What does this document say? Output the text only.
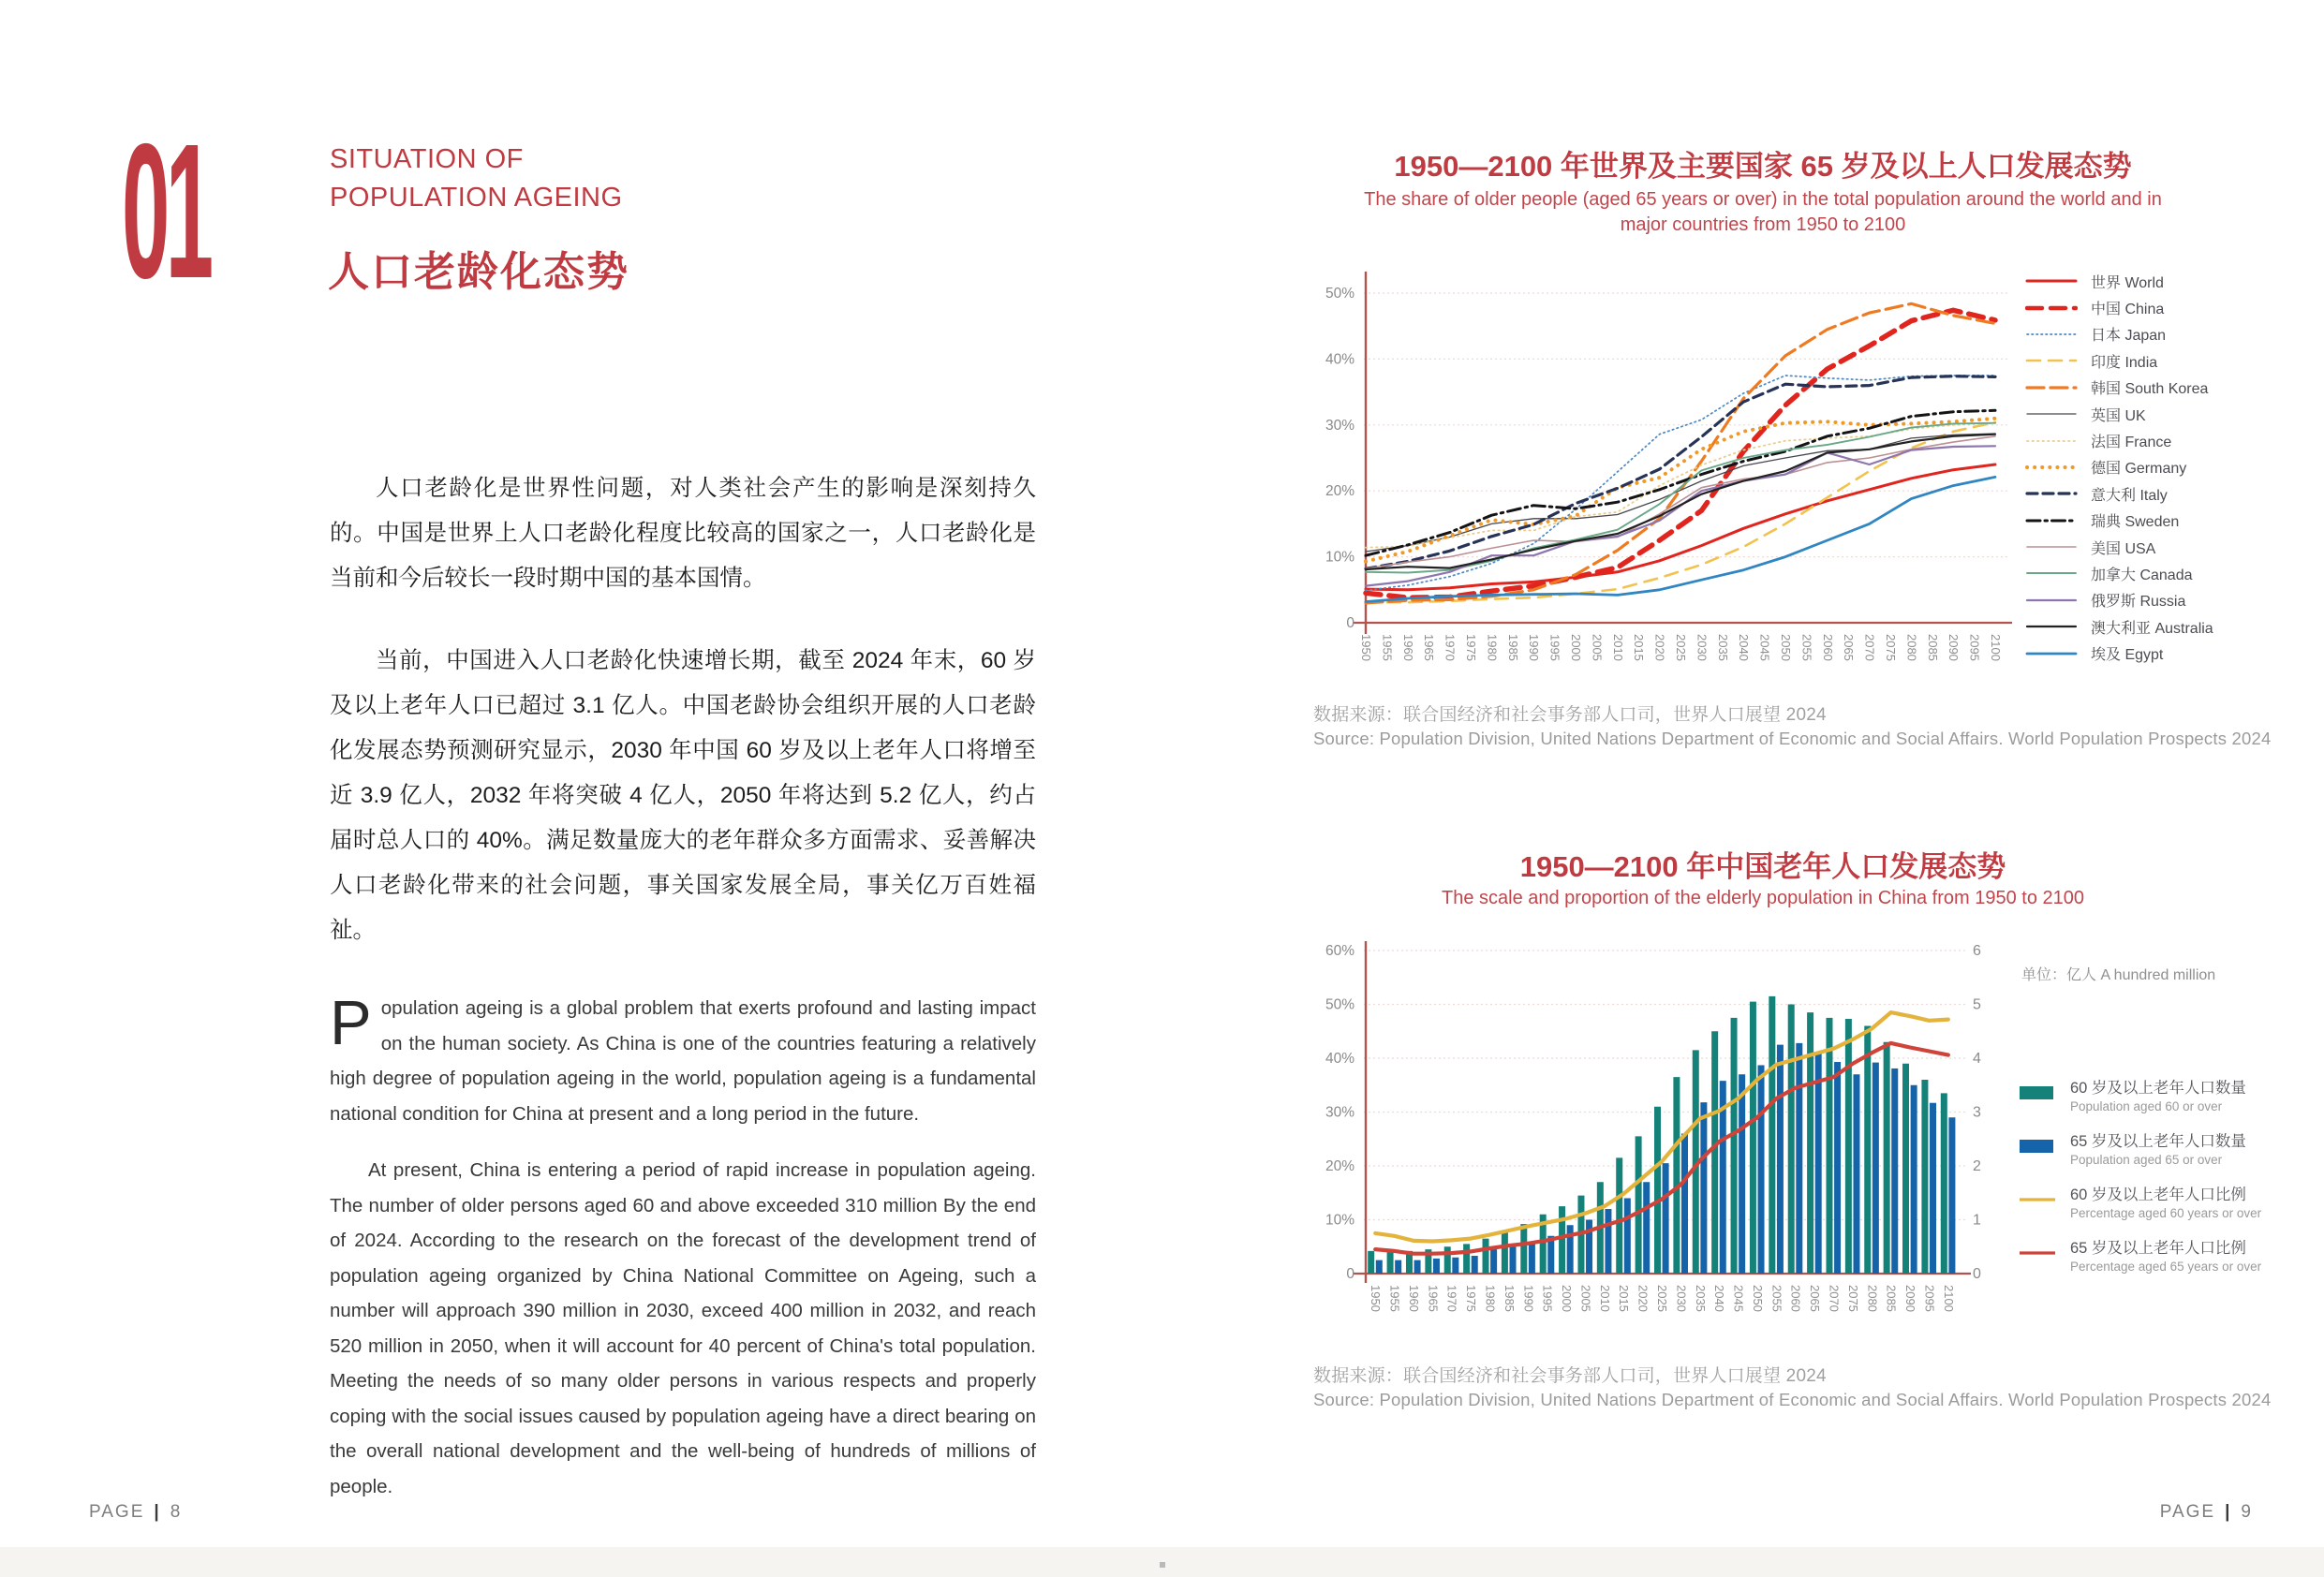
01	SITUATION OF
POPULATION AGEING
人口老龄化态势

人口老龄化是世界性问题，对人类社会产生的影响是深刻持久的。中国是世界上人口老龄化程度比较高的国家之一，人口老龄化是当前和今后较长一段时期中国的基本国情。

当前，中国进入人口老龄化快速增长期，截至 2024 年末，60 岁及以上老年人口已超过 3.1 亿人。中国老龄协会组织开展的人口老龄化发展态势预测研究显示，2030 年中国 60 岁及以上老年人口将增至近 3.9 亿人，2032 年将突破 4 亿人，2050 年将达到 5.2 亿人，约占届时总人口的 40%。满足数量庞大的老年群众多方面需求、妥善解决人口老龄化带来的社会问题，事关国家发展全局，事关亿万百姓福祉。

Population ageing is a global problem that exerts profound and lasting impact on the human society. As China is one of the countries featuring a relatively high degree of population ageing in the world, population ageing is a fundamental national condition for China at present and a long period in the future.

At present, China is entering a period of rapid increase in population ageing. The number of older persons aged 60 and above exceeded 310 million By the end of 2024. According to the research on the forecast of the development trend of population ageing organized by China National Committee on Ageing, such a number will approach 390 million in 2030, exceed 400 million in 2032, and reach 520 million in 2050, when it will account for 40 percent of China's total population. Meeting the needs of so many older persons in various respects and properly coping with the social issues caused by population ageing have a direct bearing on the overall national development and the well-being of hundreds of millions of people.

PAGE | 8
1950—2100 年世界及主要国家 65 岁及以上人口发展态势
The share of older people (aged 65 years or over) in the total population around the world and in major countries from 1950 to 2100
0
10%
20%
30%
40%
50%
1950 1955 1960 1965 1970 1975 1980 1985 1990 1995 2000 2005 2010 2015 2020 2025 2030 2035 2040 2045 2050 2055 2060 2065 2070 2075 2080 2085 2090 2095 2100
世界 World
中国 China
日本 Japan
印度 India
韩国 South Korea
英国 UK
法国 France
德国 Germany
意大利 Italy
瑞典 Sweden
美国 USA
加拿大 Canada
俄罗斯 Russia
澳大利亚 Australia
埃及 Egypt
数据来源：联合国经济和社会事务部人口司，世界人口展望 2024
Source: Population Division, United Nations Department of Economic and Social Affairs. World Population Prospects 2024
1950—2100 年中国老年人口发展态势
The scale and proportion of the elderly population in China from 1950 to 2100
0
10%
20%
30%
40%
50%
60%
0
1
2
3
4
5
6
1950 1955 1960 1965 1970 1975 1980 1985 1990 1995 2000 2005 2010 2015 2020 2025 2030 2035 2040 2045 2050 2055 2060 2065 2070 2075 2080 2085 2090 2095 2100
单位：亿人 A hundred million
60 岁及以上老年人口数量
Population aged 60 or over
65 岁及以上老年人口数量
Population aged 65 or over
60 岁及以上老年人口比例
Percentage aged 60 years or over
65 岁及以上老年人口比例
Percentage aged 65 years or over
数据来源：联合国经济和社会事务部人口司，世界人口展望 2024
Source: Population Division, United Nations Department of Economic and Social Affairs. World Population Prospects 2024
PAGE | 9
